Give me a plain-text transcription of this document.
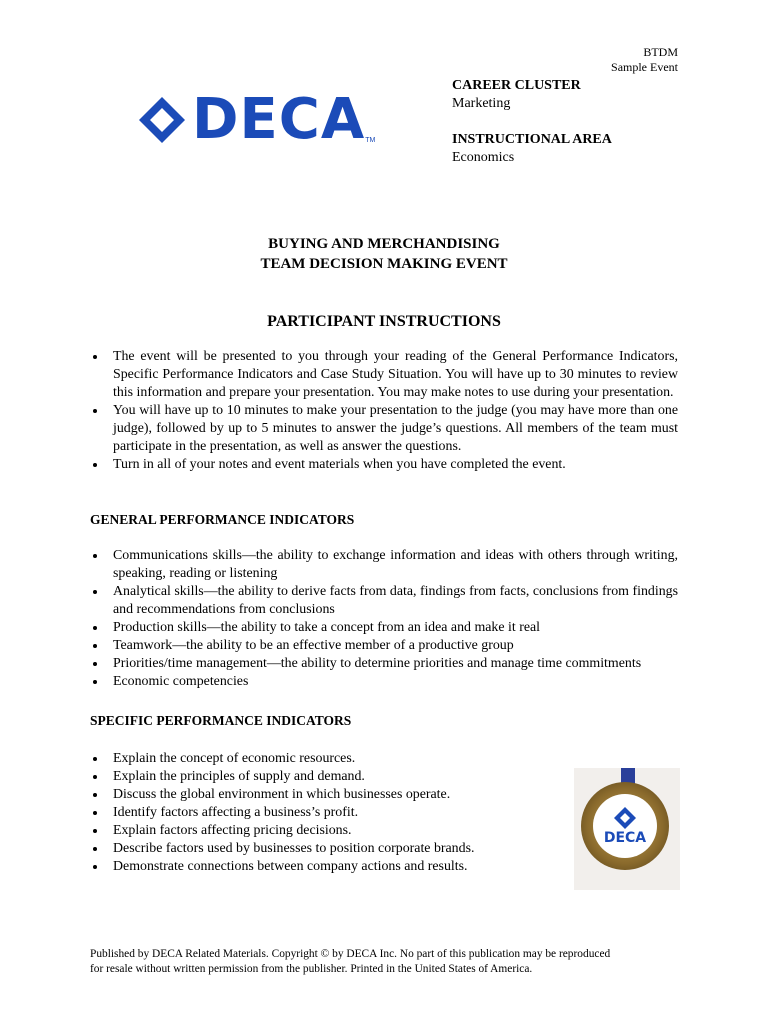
BTDM
Sample Event
DECA TM
CAREER CLUSTER
Marketing
INSTRUCTIONAL AREA
Economics
BUYING AND MERCHANDISING
TEAM DECISION MAKING EVENT
PARTICIPANT INSTRUCTIONS
The event will be presented to you through your reading of the General Performance Indicators, Specific Performance Indicators and Case Study Situation. You will have up to 30 minutes to review this information and prepare your presentation. You may make notes to use during your presentation.
You will have up to 10 minutes to make your presentation to the judge (you may have more than one judge), followed by up to 5 minutes to answer the judge’s questions. All members of the team must participate in the presentation, as well as answer the questions.
Turn in all of your notes and event materials when you have completed the event.
GENERAL PERFORMANCE INDICATORS
Communications skills—the ability to exchange information and ideas with others through writing, speaking, reading or listening
Analytical skills—the ability to derive facts from data, findings from facts, conclusions from findings and recommendations from conclusions
Production skills—the ability to take a concept from an idea and make it real
Teamwork—the ability to be an effective member of a productive group
Priorities/time management—the ability to determine priorities and manage time commitments
Economic competencies
SPECIFIC PERFORMANCE INDICATORS
Explain the concept of economic resources.
Explain the principles of supply and demand.
Discuss the global environment in which businesses operate.
Identify factors affecting a business’s profit.
Explain factors affecting pricing decisions.
Describe factors used by businesses to position corporate brands.
Demonstrate connections between company actions and results.
DECA
Published by DECA Related Materials. Copyright © by DECA Inc. No part of this publication may be reproduced
for resale without written permission from the publisher. Printed in the United States of America.
